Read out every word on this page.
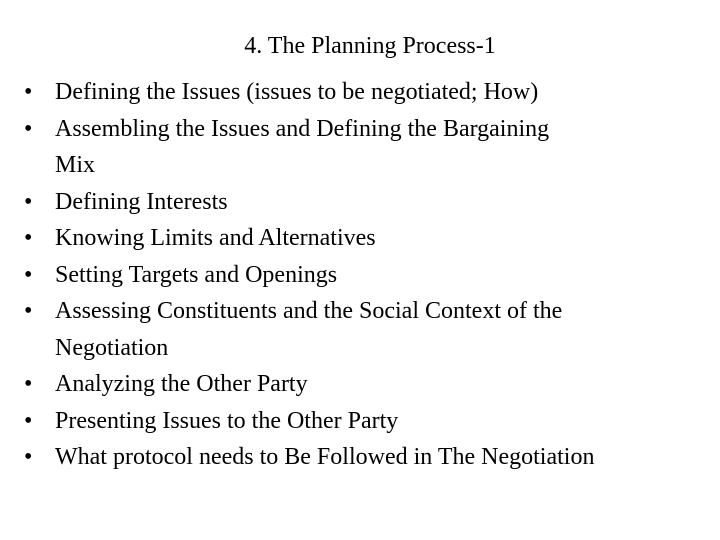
4. The Planning Process-1
• Defining the Issues (issues to be negotiated; How)
• Assembling the Issues and Defining the Bargaining
Mix
• Defining Interests
• Knowing Limits and Alternatives
• Setting Targets and Openings
• Assessing Constituents and the Social Context of the
Negotiation
• Analyzing the Other Party
• Presenting Issues to the Other Party
• What protocol needs to Be Followed in The Negotiation
